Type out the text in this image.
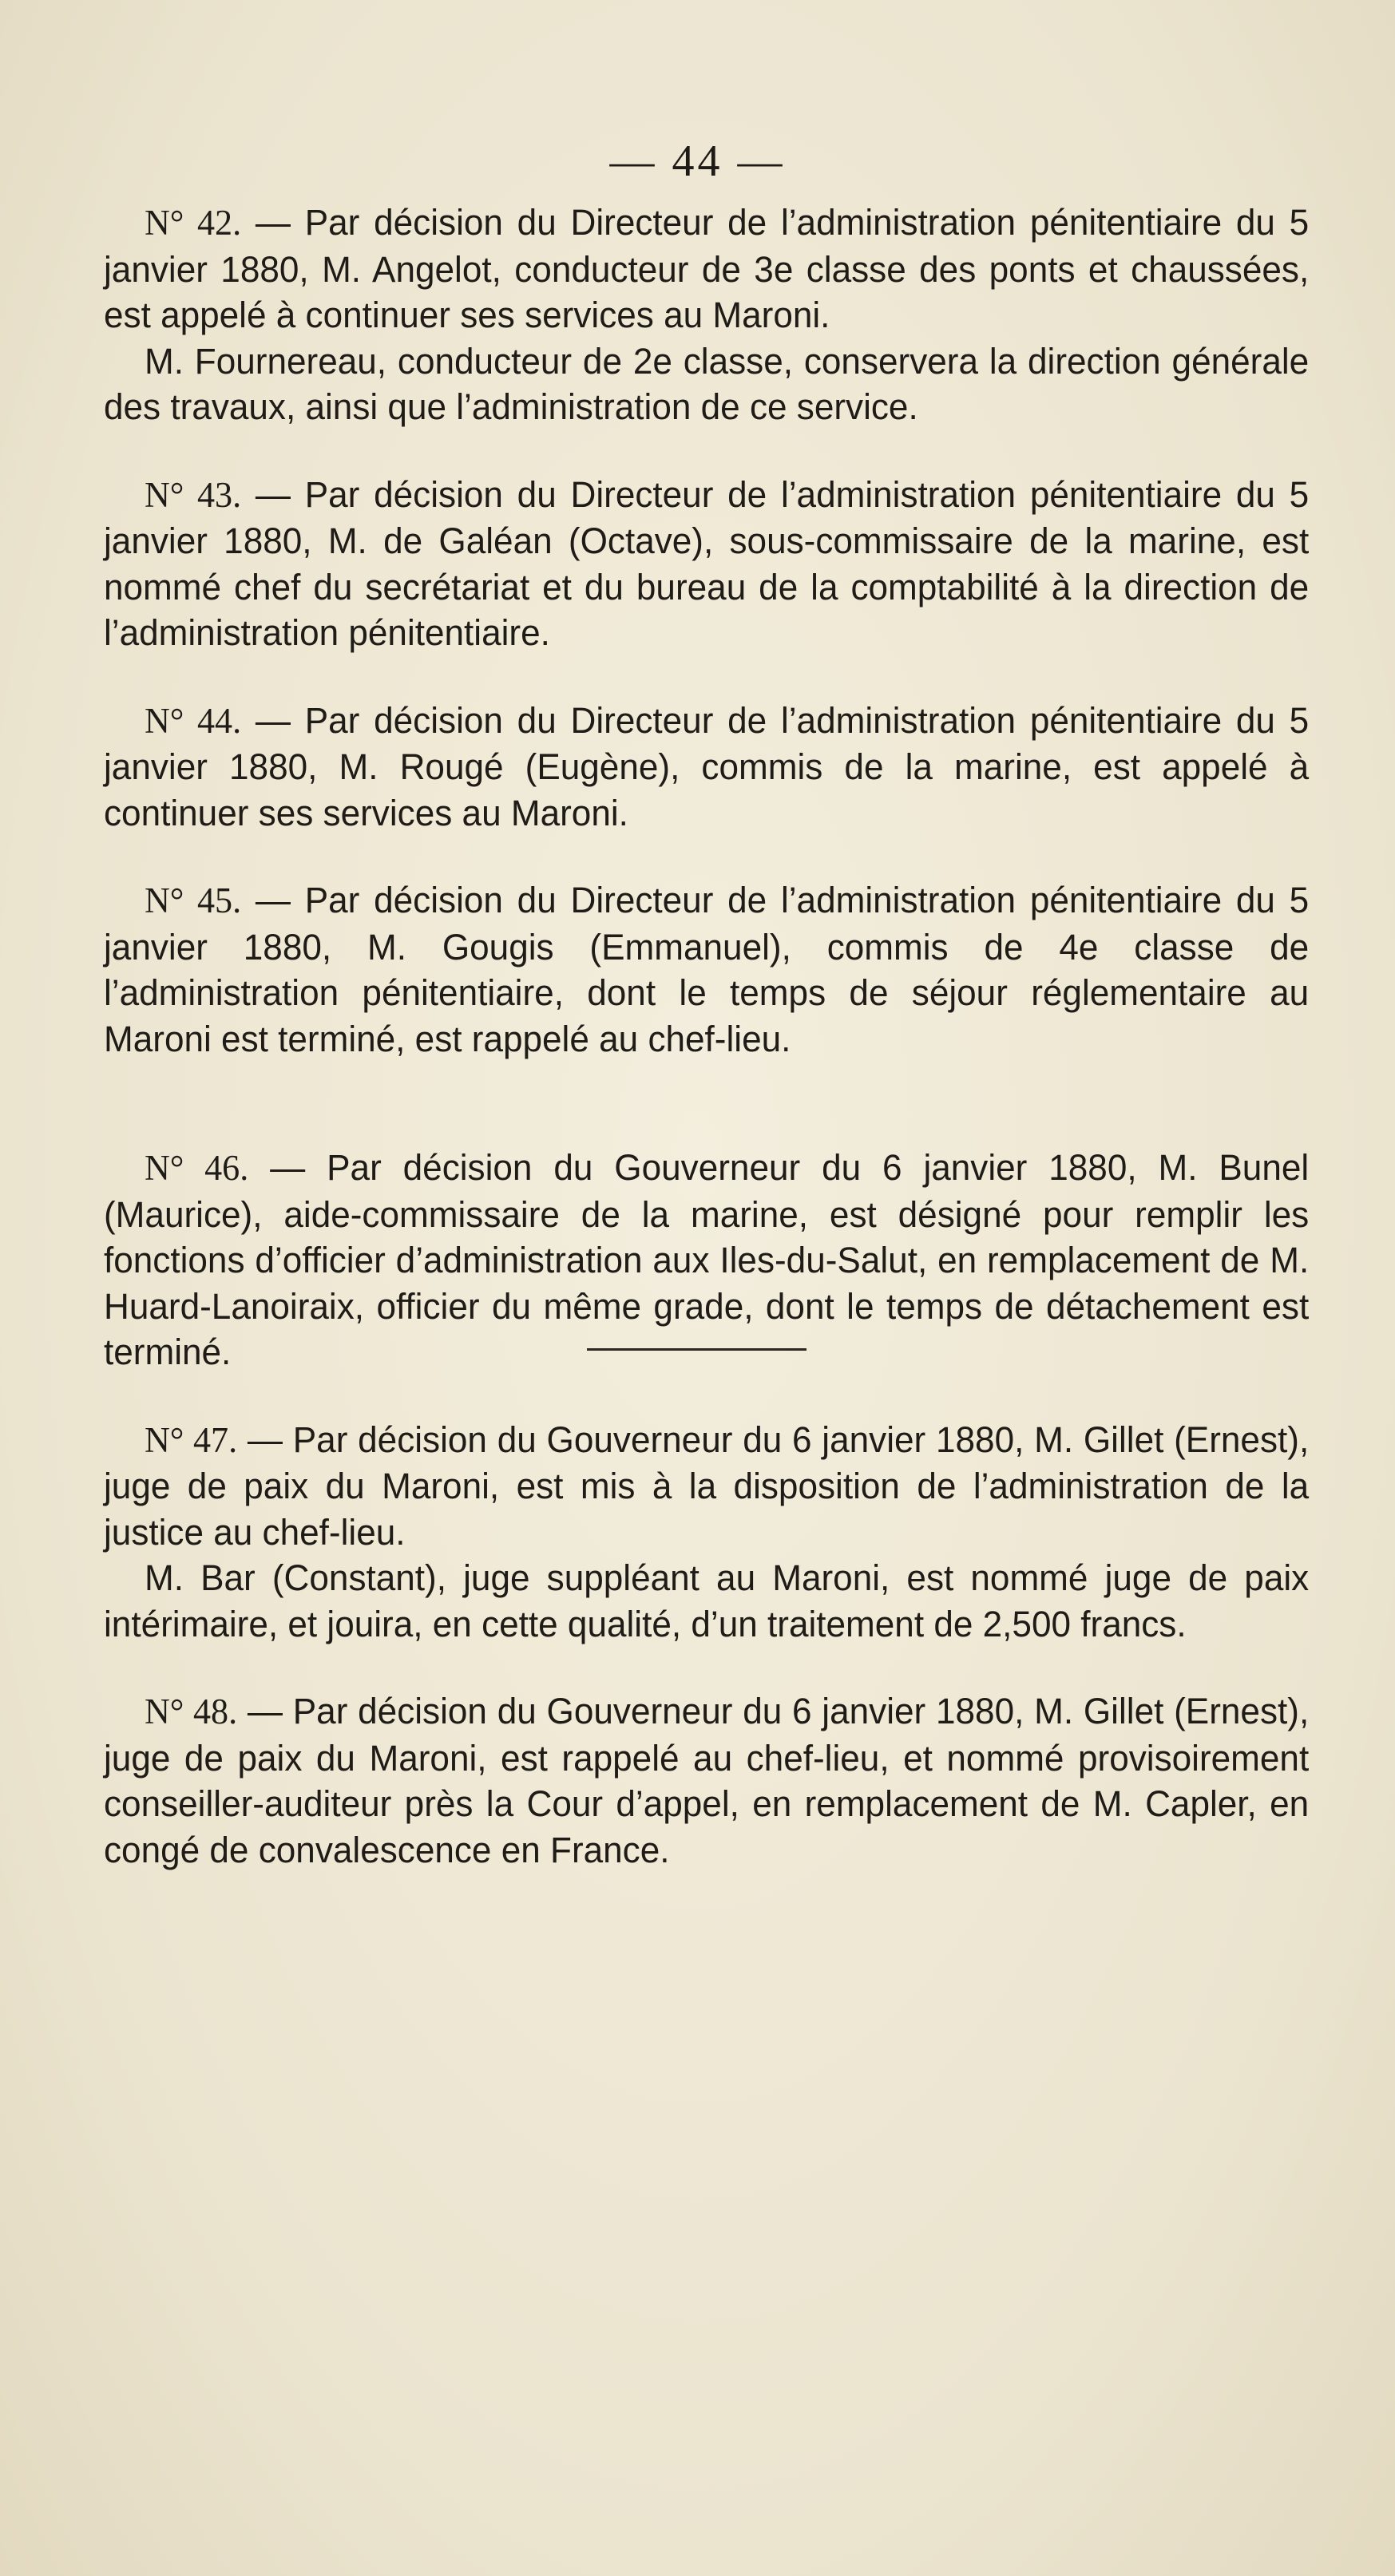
— 44 —

N° 42. — Par décision du Directeur de l’administration pénitentiaire du 5 janvier 1880, M. Angelot, conducteur de 3e classe des ponts et chaussées, est appelé à continuer ses services au Maroni.

M. Fournereau, conducteur de 2e classe, conservera la direction générale des travaux, ainsi que l’administration de ce service.

N° 43. — Par décision du Directeur de l’administration pénitentiaire du 5 janvier 1880, M. de Galéan (Octave), sous-commissaire de la marine, est nommé chef du secrétariat et du bureau de la comptabilité à la direction de l’administration pénitentiaire.

N° 44. — Par décision du Directeur de l’administration pénitentiaire du 5 janvier 1880, M. Rougé (Eugène), commis de la marine, est appelé à continuer ses services au Maroni.

N° 45. — Par décision du Directeur de l’administration pénitentiaire du 5 janvier 1880, M. Gougis (Emmanuel), commis de 4e classe de l’administration pénitentiaire, dont le temps de séjour réglementaire au Maroni est terminé, est rappelé au chef-lieu.

N° 46. — Par décision du Gouverneur du 6 janvier 1880, M. Bunel (Maurice), aide-commissaire de la marine, est désigné pour remplir les fonctions d’officier d’administration aux Iles-du-Salut, en remplacement de M. Huard-Lanoiraix, officier du même grade, dont le temps de détachement est terminé.

N° 47. — Par décision du Gouverneur du 6 janvier 1880, M. Gillet (Ernest), juge de paix du Maroni, est mis à la disposition de l’administration de la justice au chef-lieu.

M. Bar (Constant), juge suppléant au Maroni, est nommé juge de paix intérimaire, et jouira, en cette qualité, d’un traitement de 2,500 francs.

N° 48. — Par décision du Gouverneur du 6 janvier 1880, M. Gillet (Ernest), juge de paix du Maroni, est rappelé au chef-lieu, et nommé provisoirement conseiller-auditeur près la Cour d’appel, en remplacement de M. Capler, en congé de convalescence en France.
